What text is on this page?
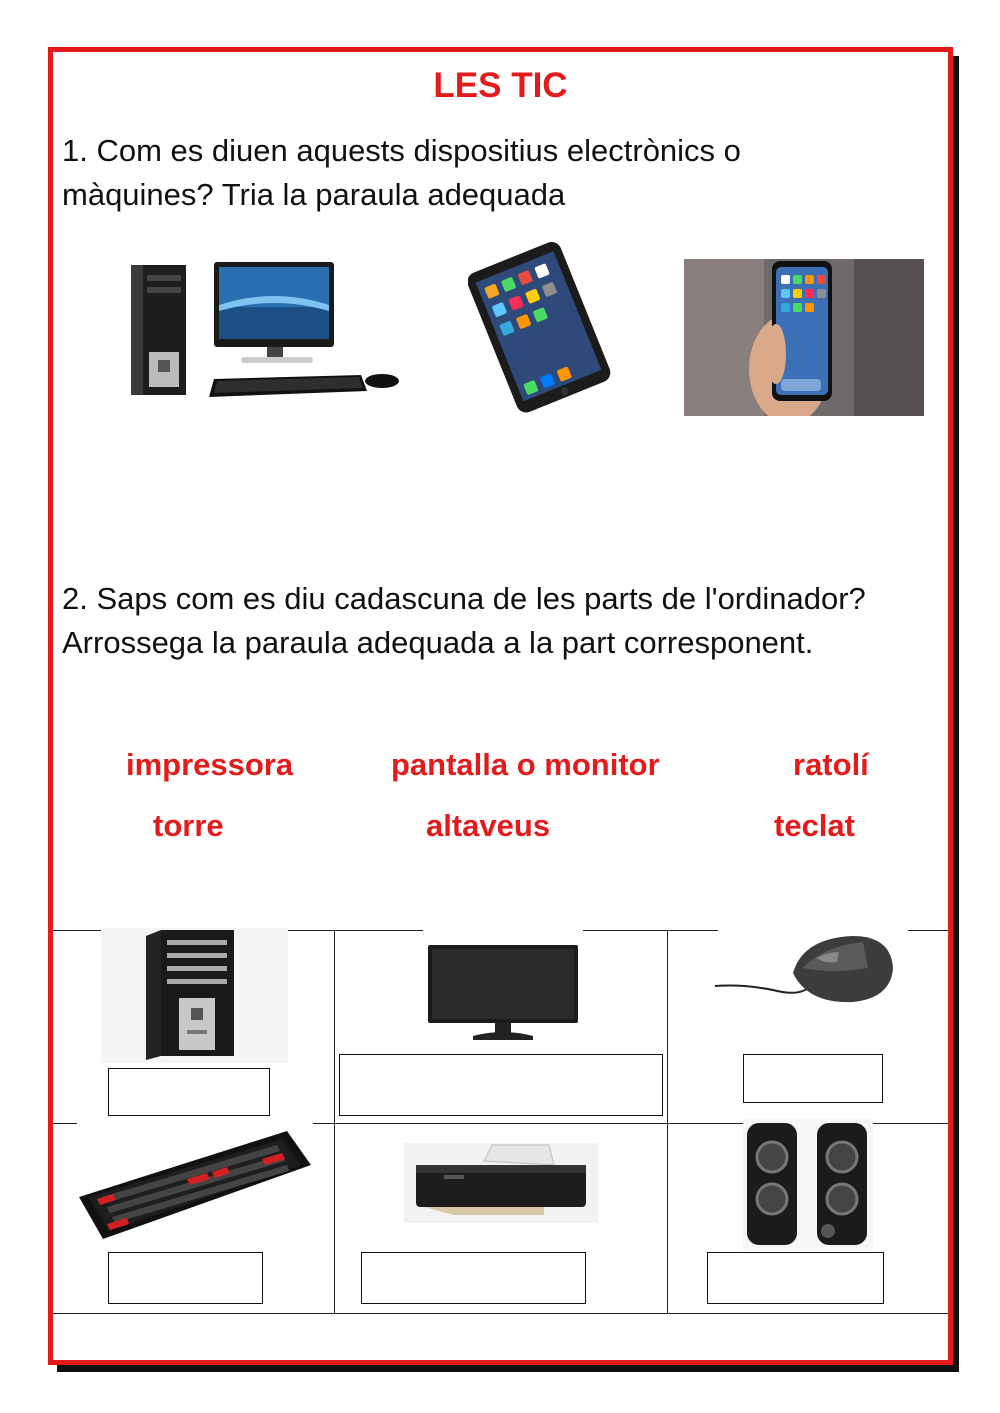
LES TIC
1. Com es diuen aquests dispositius electrònics o
màquines? Tria la paraula adequada
2. Saps com es diu cadascuna de les parts de l'ordinador?
Arrossega la paraula adequada a la part corresponent.
impressora	pantalla o monitor	ratolí
torre	altaveus	teclat
